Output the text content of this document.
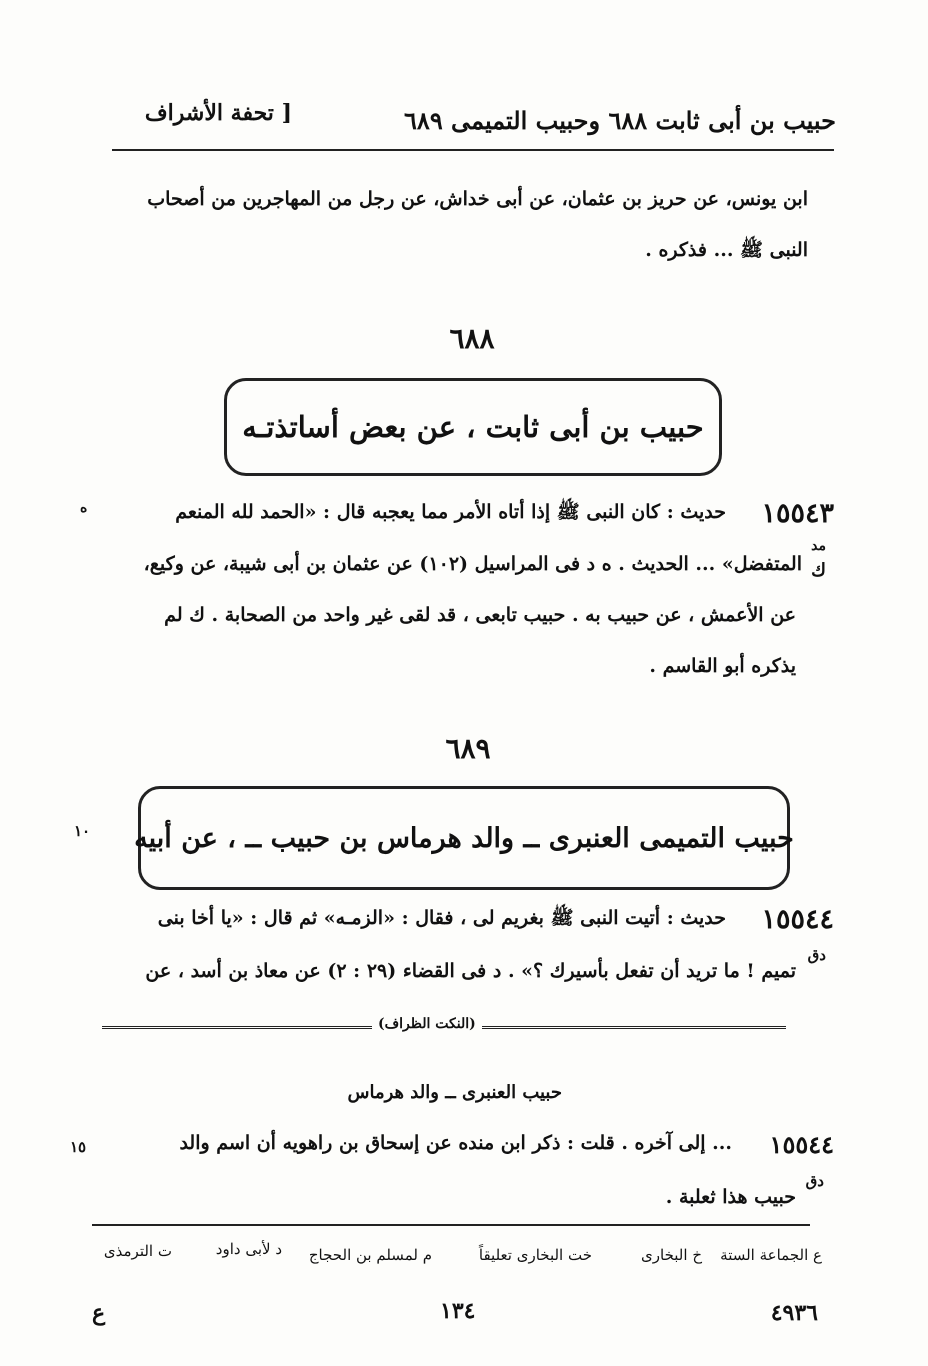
حبيب بن أبى ثابت ٦٨٨ وحبيب التميمى ٦٨٩
[ تحفة الأشراف
ابن يونس، عن حريز بن عثمان، عن أبى خداش، عن رجل من المهاجرين من أصحاب
النبى ﷺ ... فذكره .
٦٨٨
حبيب بن أبى ثابت ، عن بعض أساتذتـه
١٥٥٤٣
ه
مد
ك
حديث : كان النبى ﷺ إذا أتاه الأمر مما يعجبه قال : «الحمد لله المنعم
المتفضل» ... الحديث . ه د فى المراسيل (١٠٢) عن عثمان بن أبى شيبة، عن وكيع،
عن الأعمش ، عن حبيب به . حبيب تابعى ، قد لقى غير واحد من الصحابة . ك لم
يذكره أبو القاسم .
٦٨٩
١٠ حبيب التميمى العنبرى ــ والد هرماس بن حبيب ــ ، عن أبيه
١٥٥٤٤
حديث : أتيت النبى ﷺ بغريم لى ، فقال : «الزمـه» ثم قال : «يا أخا بنى
دق
تميم ! ما تريد أن تفعل بأسيرك ؟» . د فى القضاء (٢٩ : ٢) عن معاذ بن أسد ، عن
(النكت الظراف)
حبيب العنبرى ــ والد هرماس
١٥٥٤٤
١٥	... إلى آخره . قلت : ذكر ابن منده عن إسحاق بن راهويه أن اسم والد
دق
حبيب هذا ثعلبة .
ع الجماعة الستة
خ البخارى
خت البخارى تعليقاً
م لمسلم بن الحجاج
د لأبى داود
ت الترمذى
ع	١٣٤	٤٩٣٦
